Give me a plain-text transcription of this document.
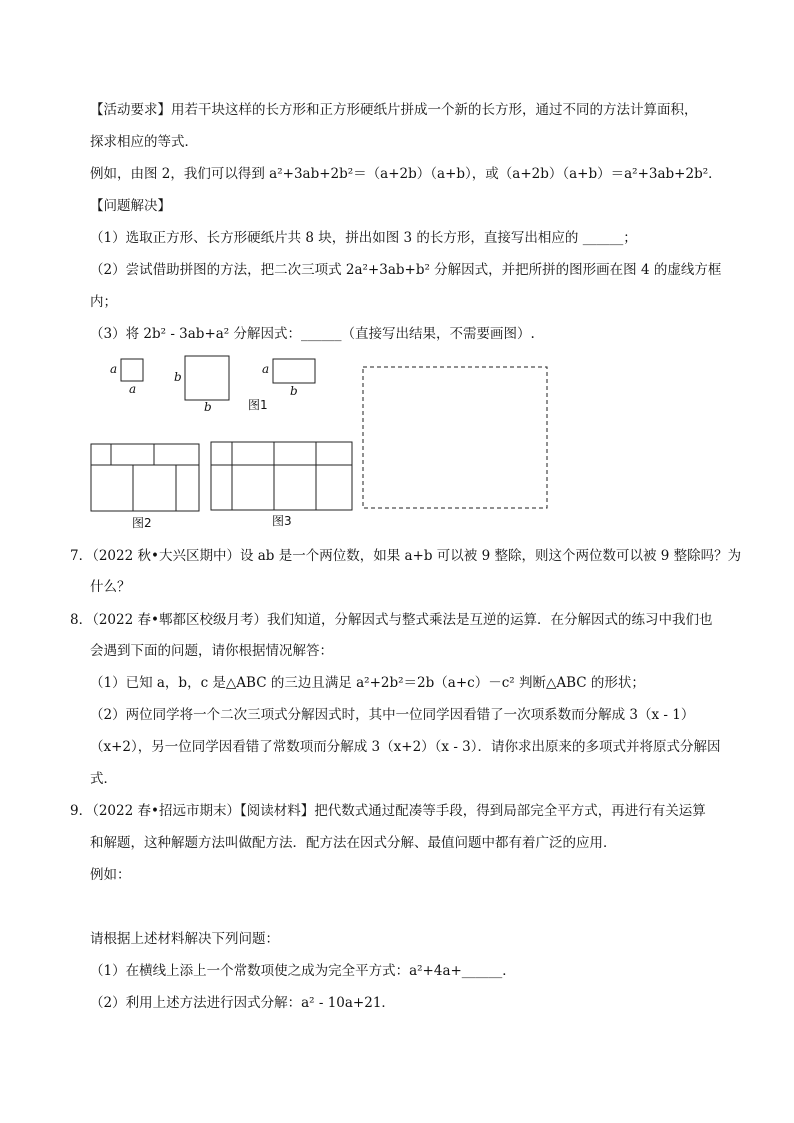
【活动要求】用若干块这样的长方形和正方形硬纸片拼成一个新的长方形，通过不同的方法计算面积，
探求相应的等式．
例如，由图 2，我们可以得到 a²+3ab+2b²＝（a+2b）（a+b），或（a+2b）（a+b）＝a²+3ab+2b²．
【问题解决】
（1）选取正方形、长方形硬纸片共 8 块，拼出如图 3 的长方形，直接写出相应的 ______；
（2）尝试借助拼图的方法，把二次三项式 2a²+3ab+b² 分解因式，并把所拼的图形画在图 4 的虚线方框
内；
（3）将 2b² - 3ab+a² 分解因式：______（直接写出结果，不需要画图）.
a
a
b
b
a
b
图1
图2	图3
7．（2022 秋•大兴区期中）设 ab 是一个两位数，如果 a+b 可以被 9 整除，则这个两位数可以被 9 整除吗？为
什么？
8．（2022 春•郫都区校级月考）我们知道，分解因式与整式乘法是互逆的运算．在分解因式的练习中我们也
会遇到下面的问题，请你根据情况解答：
（1）已知 a，b，c 是△ABC 的三边且满足 a²+2b²＝2b（a+c）－c² 判断△ABC 的形状；
（2）两位同学将一个二次三项式分解因式时，其中一位同学因看错了一次项系数而分解成 3（x - 1）
（x+2），另一位同学因看错了常数项而分解成 3（x+2）（x - 3）．请你求出原来的多项式并将原式分解因
式．
9．（2022 春•招远市期末）【阅读材料】把代数式通过配凑等手段，得到局部完全平方式，再进行有关运算
和解题，这种解题方法叫做配方法．配方法在因式分解、最值问题中都有着广泛的应用．
例如：
请根据上述材料解决下列问题：
（1）在横线上添上一个常数项使之成为完全平方式：a²+4a+______．
（2）利用上述方法进行因式分解：a² - 10a+21．
